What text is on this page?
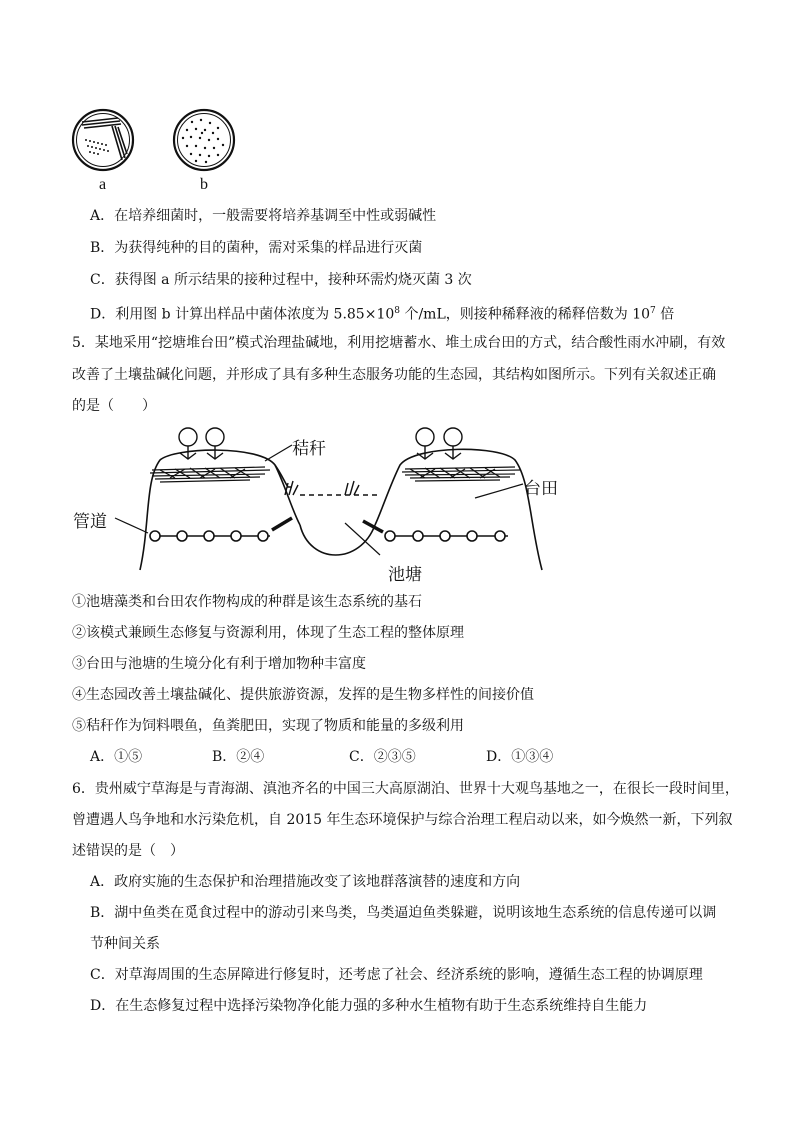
a	b
A．在培养细菌时，一般需要将培养基调至中性或弱碱性
B．为获得纯种的目的菌种，需对采集的样品进行灭菌
C．获得图 a 所示结果的接种过程中，接种环需灼烧灭菌 3 次
D．利用图 b 计算出样品中菌体浓度为 $5.85\times 10^8$ 个/mL，则接种稀释液的稀释倍数为 $10^7$ 倍
5．某地采用“挖塘堆台田”模式治理盐碱地，利用挖塘蓄水、堆土成台田的方式，结合酸性雨水冲刷，有效
改善了土壤盐碱化问题，并形成了具有多种生态服务功能的生态园，其结构如图所示。下列有关叙述正确
的是（　　）
秸秆
台田
管道
池塘
①池塘藻类和台田农作物构成的种群是该生态系统的基石
②该模式兼顾生态修复与资源利用，体现了生态工程的整体原理
③台田与池塘的生境分化有利于增加物种丰富度
④生态园改善土壤盐碱化、提供旅游资源，发挥的是生物多样性的间接价值
⑤秸秆作为饲料喂鱼，鱼粪肥田，实现了物质和能量的多级利用
A．①⑤	B．②④	C．②③⑤	D．①③④
6．贵州威宁草海是与青海湖、滇池齐名的中国三大高原湖泊、世界十大观鸟基地之一，在很长一段时间里，
曾遭遇人鸟争地和水污染危机，自 2015 年生态环境保护与综合治理工程启动以来，如今焕然一新，下列叙
述错误的是（　）
A．政府实施的生态保护和治理措施改变了该地群落演替的速度和方向
B．湖中鱼类在觅食过程中的游动引来鸟类，鸟类逼迫鱼类躲避，说明该地生态系统的信息传递可以调
节种间关系
C．对草海周围的生态屏障进行修复时，还考虑了社会、经济系统的影响，遵循生态工程的协调原理
D．在生态修复过程中选择污染物净化能力强的多种水生植物有助于生态系统维持自生能力
